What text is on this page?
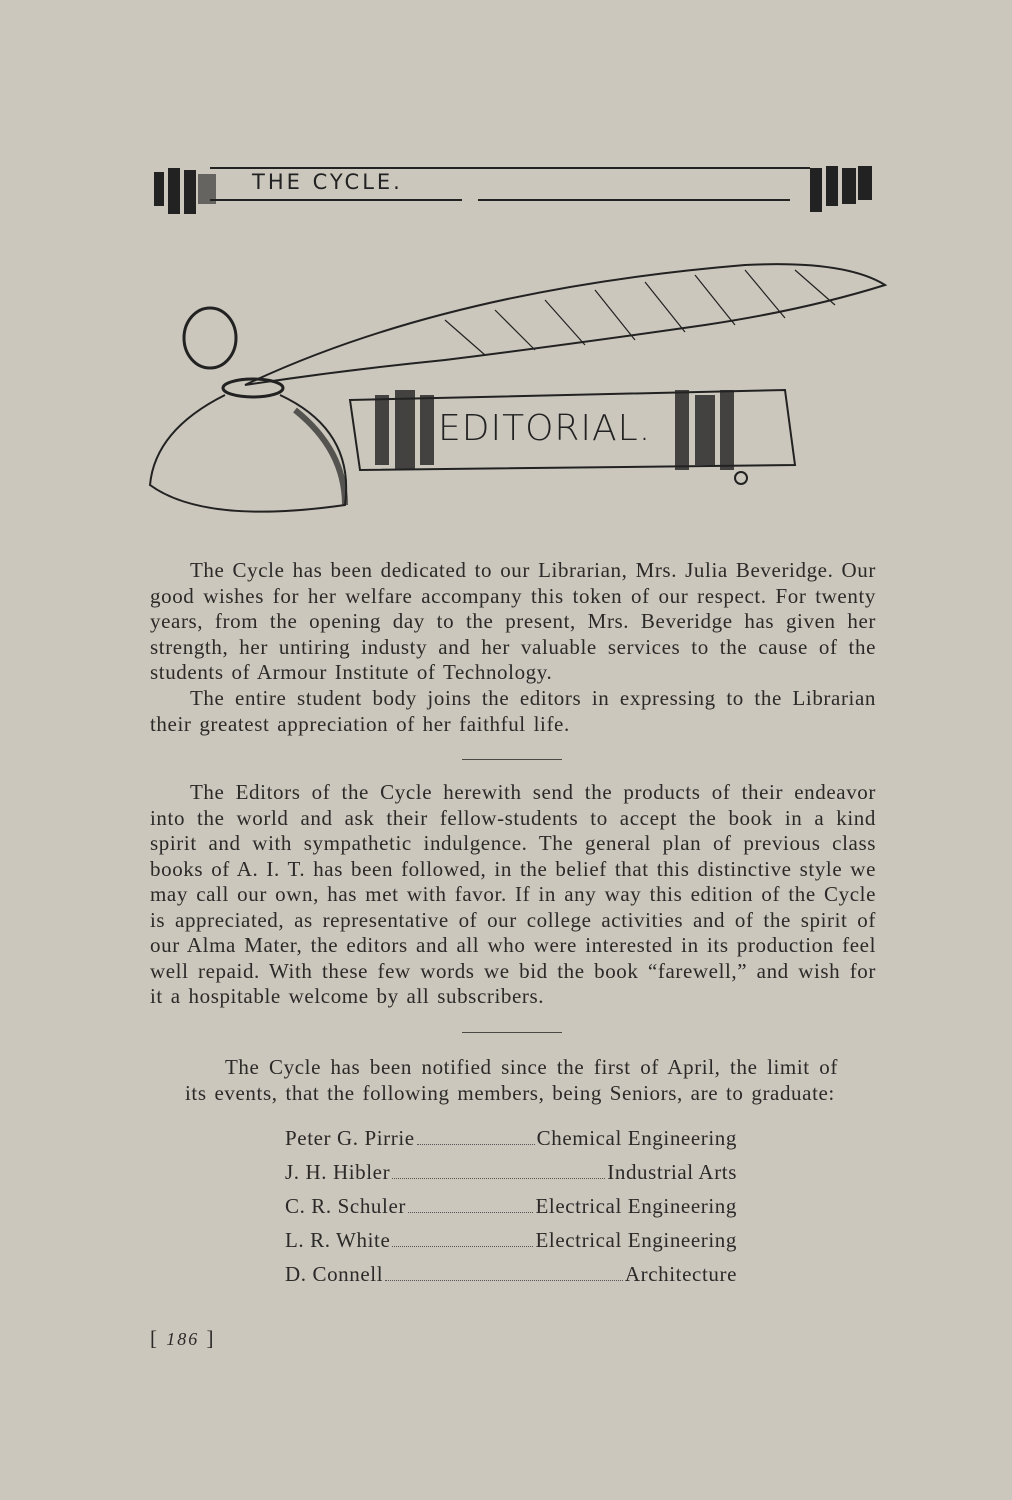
THE CYCLE.
EDITORIAL.

The Cycle has been dedicated to our Librarian, Mrs. Julia Beveridge. Our good wishes for her welfare accompany this token of our respect. For twenty years, from the opening day to the present, Mrs. Beveridge has given her strength, her untiring industy and her valuable services to the cause of the students of Armour Institute of Technology.

The entire student body joins the editors in expressing to the Librarian their greatest appreciation of her faithful life.

The Editors of the Cycle herewith send the products of their endeavor into the world and ask their fellow-students to accept the book in a kind spirit and with sympathetic indulgence. The general plan of previous class books of A. I. T. has been followed, in the belief that this distinctive style we may call our own, has met with favor. If in any way this edition of the Cycle is appreciated, as representative of our college activities and of the spirit of our Alma Mater, the editors and all who were interested in its production feel well repaid. With these few words we bid the book “farewell,” and wish for it a hospitable welcome by all subscribers.

The Cycle has been notified since the first of April, the limit of its events, that the following members, being Seniors, are to graduate:

Peter G. Pirrie	Chemical Engineering
J. H. Hibler	Industrial Arts
C. R. Schuler	Electrical Engineering
L. R. White	Electrical Engineering
D. Connell	Architecture
[ 186 ]
